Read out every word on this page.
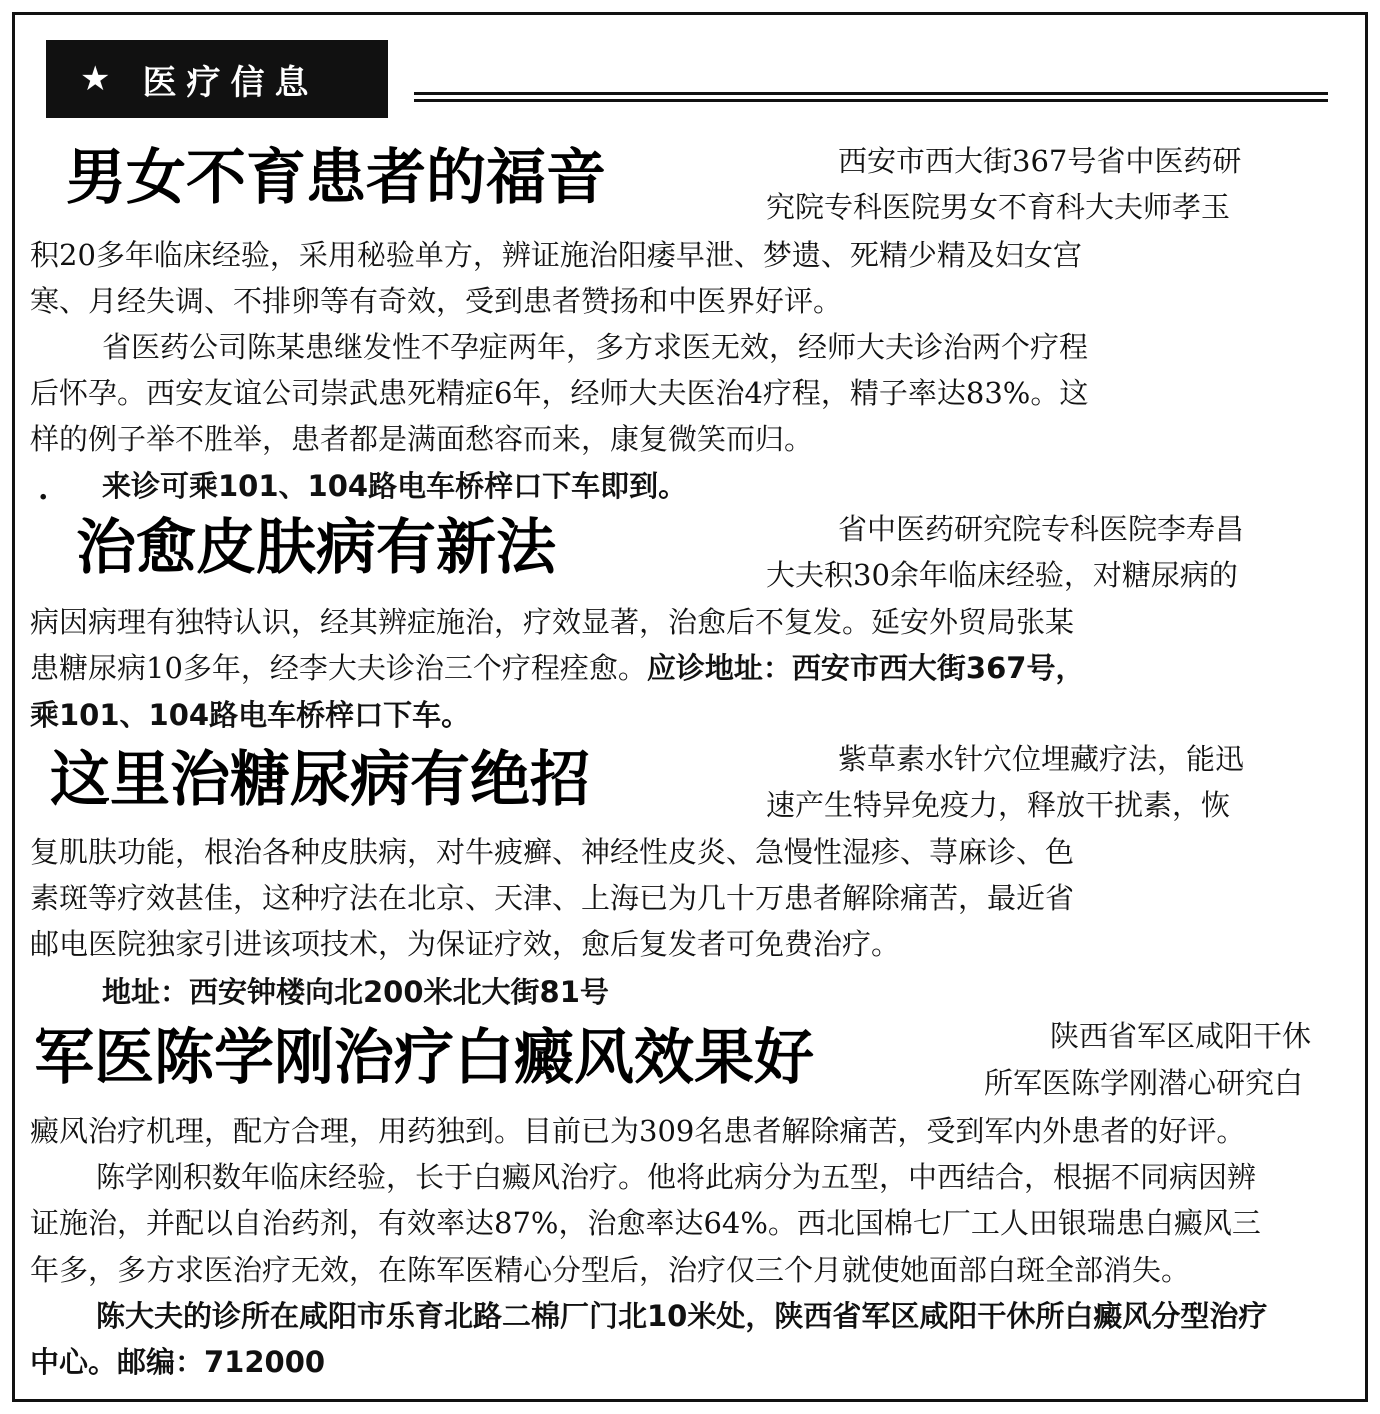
★ 医疗信息
男女不育患者的福音	西安市西大街367号省中医药研
究院专科医院男女不育科大夫师孝玉
积20多年临床经验，采用秘验单方，辨证施治阳痿早泄、梦遗、死精少精及妇女宫
寒、月经失调、不排卵等有奇效，受到患者赞扬和中医界好评。
省医药公司陈某患继发性不孕症两年，多方求医无效，经师大夫诊治两个疗程
后怀孕。西安友谊公司崇武患死精症6年，经师大夫医治4疗程，精子率达83%。这
样的例子举不胜举，患者都是满面愁容而来，康复微笑而归。
. 来诊可乘101、104路电车桥梓口下车即到。
治愈皮肤病有新法	省中医药研究院专科医院李寿昌
大夫积30余年临床经验，对糖尿病的
病因病理有独特认识，经其辨症施治，疗效显著，治愈后不复发。延安外贸局张某
患糖尿病10多年，经李大夫诊治三个疗程痊愈。应诊地址：西安市西大街367号，
乘101、104路电车桥梓口下车。
这里治糖尿病有绝招	紫草素水针穴位埋藏疗法，能迅
速产生特异免疫力，释放干扰素，恢
复肌肤功能，根治各种皮肤病，对牛疲癣、神经性皮炎、急慢性湿疹、荨麻诊、色
素斑等疗效甚佳，这种疗法在北京、天津、上海已为几十万患者解除痛苦，最近省
邮电医院独家引进该项技术，为保证疗效，愈后复发者可免费治疗。
地址：西安钟楼向北200米北大街81号
军医陈学刚治疗白癜风效果好	陕西省军区咸阳干休
所军医陈学刚潜心研究白
癜风治疗机理，配方合理，用药独到。目前已为309名患者解除痛苦，受到军内外患者的好评。
陈学刚积数年临床经验，长于白癜风治疗。他将此病分为五型，中西结合，根据不同病因辨
证施治，并配以自治药剂，有效率达87%，治愈率达64%。西北国棉七厂工人田银瑞患白癜风三
年多，多方求医治疗无效，在陈军医精心分型后，治疗仅三个月就使她面部白斑全部消失。
陈大夫的诊所在咸阳市乐育北路二棉厂门北10米处，陕西省军区咸阳干休所白癜风分型治疗
中心。邮编：712000
